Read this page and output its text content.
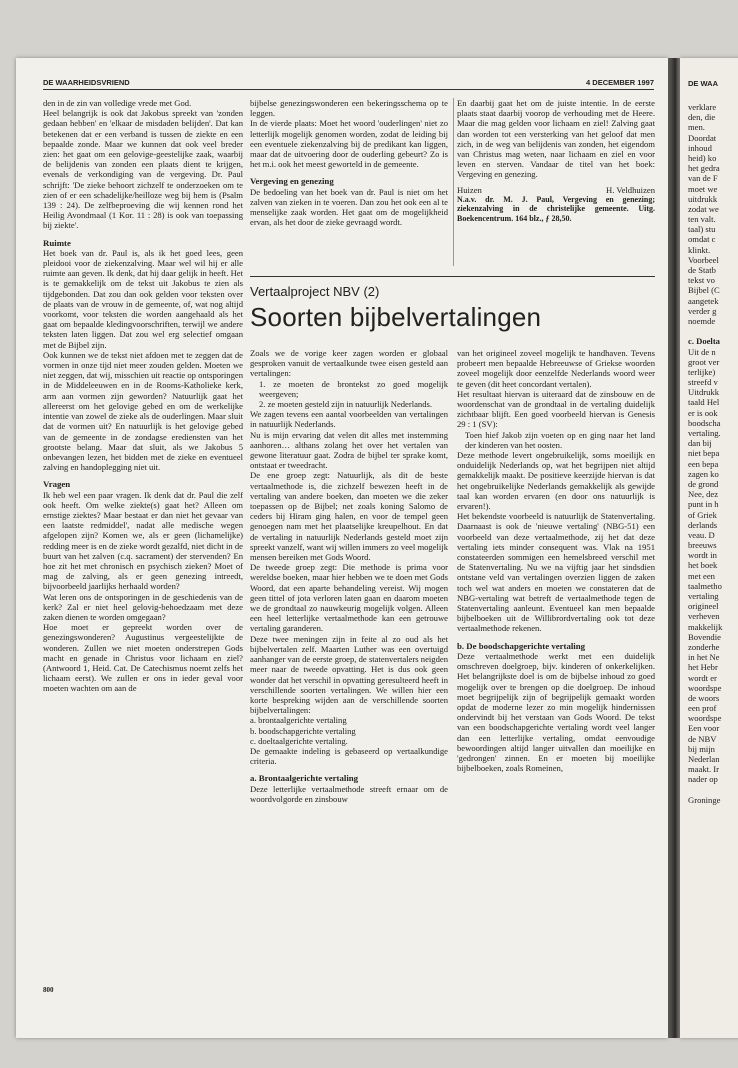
DE WAARHEIDSVRIEND	4 DECEMBER 1997

den in de zin van volledige vrede met God.

Heel belangrijk is ook dat Jakobus spreekt van 'zonden gedaan hebben' en 'elkaar de misdaden belijden'. Dat kan betekenen dat er een verband is tussen de ziekte en een bepaalde zonde. Maar we kunnen dat ook veel breder zien: het gaat om een gelovige-geestelijke zaak, waarbij de belijdenis van zonden een plaats dient te krijgen, evenals de verkondiging van de vergeving. Dr. Paul schrijft: 'De zieke behoort zichzelf te onderzoeken om te zien of er een schadelijke/heilloze weg bij hem is (Psalm 139 : 24). De zelfbeproeving die wij kennen rond het Heilig Avondmaal (1 Kor. 11 : 28) is ook van toepassing bij ziekte'.

Ruimte

Het boek van dr. Paul is, als ik het goed lees, geen pleidooi voor de ziekenzalving. Maar wel wil hij er alle ruimte aan geven. Ik denk, dat hij daar gelijk in heeft. Het is te gemakkelijk om de tekst uit Jakobus te zien als tijdgebonden. Dat zou dan ook gelden voor teksten over de plaats van de vrouw in de gemeente, of, wat nog altijd voorkomt, voor teksten die worden aangehaald als het gaat om bepaalde kledingvoorschriften, terwijl we andere teksten laten liggen. Dat zou wel erg selectief omgaan met de Bijbel zijn.

Ook kunnen we de tekst niet afdoen met te zeggen dat de vormen in onze tijd niet meer zouden gelden. Moeten we niet zeggen, dat wij, misschien uit reactie op ontsporingen in de Middeleeuwen en in de Rooms-Katholieke kerk, arm aan vormen zijn geworden? Natuurlijk gaat het allereerst om het gelovige gebed en om de werkelijke intentie van zowel de zieke als de ouderlingen. Maar sluit dat de vormen uit? En natuurlijk is het gelovige gebed van de gemeente in de zondagse erediensten van het grootste belang. Maar dat sluit, als we Jakobus 5 onbevangen lezen, het bidden met de zieke en eventueel zalving en handoplegging niet uit.

Vragen

Ik heb wel een paar vragen. Ik denk dat dr. Paul die zelf ook heeft. Om welke ziekte(s) gaat het? Alleen om ernstige ziektes? Maar bestaat er dan niet het gevaar van een laatste redmiddel', nadat alle medische wegen afgelopen zijn? Komen we, als er geen (lichamelijke) redding meer is en de zieke wordt gezalfd, niet dicht in de buurt van het zalven (c.q. sacrament) der stervenden? En hoe zit het met chronisch en psychisch zieken? Moet of mag de zalving, als er geen genezing intreedt, bijvoorbeeld jaarlijks herhaald worden?

Wat leren ons de ontsporingen in de geschiedenis van de kerk? Zal er niet heel gelovig-behoedzaam met deze zaken dienen te worden omgegaan?

Hoe moet er gepreekt worden over de genezingswonderen? Augustinus vergeestelijkte de wonderen. Zullen we niet moeten onderstrepen Gods macht en genade in Christus voor lichaam en ziel? (Antwoord 1, Heid. Cat. De Catechismus noemt zelfs het lichaam eerst). We zullen er ons in ieder geval voor moeten wachten om aan de

bijbelse genezingswonderen een bekeringsschema op te leggen.

In de vierde plaats: Moet het woord 'ouderlingen' niet zo letterlijk mogelijk genomen worden, zodat de leiding bij een eventuele ziekenzalving bij de predikant kan liggen, maar dat de uitvoering door de ouderling gebeurt? Zo is het m.i. ook het meest geworteld in de gemeente.

Vergeving en genezing

De bedoeling van het boek van dr. Paul is niet om het zalven van zieken in te voeren. Dan zou het ook een al te menselijke zaak worden. Het gaat om de mogelijkheid ervan, als het door de zieke gevraagd wordt.

En daarbij gaat het om de juiste intentie. In de eerste plaats staat daarbij voorop de verhouding met de Heere. Maar die mag gelden voor lichaam en ziel! Zalving gaat dan worden tot een versterking van het geloof dat men zich, in de weg van belijdenis van zonden, het eigendom van Christus mag weten, naar lichaam en ziel en voor leven en sterven. Vandaar de titel van het boek: Vergeving en genezing.

Huizen	H. Veldhuizen

N.a.v. dr. M. J. Paul, Vergeving en genezing; ziekenzalving in de christelijke gemeente. Uitg. Boekencentrum. 164 blz., ƒ 28,50.

Vertaalproject NBV (2)
Soorten bijbelvertalingen

Zoals we de vorige keer zagen worden er globaal gesproken vanuit de vertaalkunde twee eisen gesteld aan vertalingen:

1. ze moeten de brontekst zo goed mogelijk weergeven;
2. ze moeten gesteld zijn in natuurlijk Nederlands.

We zagen tevens een aantal voorbeelden van vertalingen in natuurlijk Nederlands.

Nu is mijn ervaring dat velen dit alles met instemming aanhoren… althans zolang het over het vertalen van gewone literatuur gaat. Zodra de bijbel ter sprake komt, ontstaat er tweedracht.

De ene groep zegt: Natuurlijk, als dit de beste vertaalmethode is, die zichzelf bewezen heeft in de vertaling van andere boeken, dan moeten we die zeker toepassen op de Bijbel; net zoals koning Salomo de ceders bij Hiram ging halen, en voor de tempel geen genoegen nam met het plaatselijke kreupelhout. En dat de vertaling in natuurlijk Nederlands gesteld moet zijn spreekt vanzelf, want wij willen immers zo veel mogelijk mensen bereiken met Gods Woord.

De tweede groep zegt: Die methode is prima voor wereldse boeken, maar hier hebben we te doen met Gods Woord, dat een aparte behandeling vereist. Wij mogen geen tittel of jota verloren laten gaan en daarom moeten we de grondtaal zo nauwkeurig mogelijk volgen. Alleen een heel letterlijke vertaalmethode kan een getrouwe vertaling garanderen.

Deze twee meningen zijn in feite al zo oud als het bijbelvertalen zelf. Maarten Luther was een overtuigd aanhanger van de eerste groep, de statenvertalers neigden meer naar de tweede opvatting. Het is dus ook geen wonder dat het verschil in opvatting geresulteerd heeft in verschillende soorten vertalingen. We willen hier een korte bespreking wijden aan de verschillende soorten bijbelvertalingen:

a. brontaalgerichte vertaling
b. boodschapgerichte vertaling
c. doeltaalgerichte vertaling.

De gemaakte indeling is gebaseerd op vertaalkundige criteria.

a. Brontaalgerichte vertaling

Deze letterlijke vertaalmethode streeft ernaar om de woordvolgorde en zinsbouw

van het origineel zoveel mogelijk te handhaven. Tevens probeert men bepaalde Hebreeuwse of Griekse woorden zoveel mogelijk door eenzelfde Nederlands woord weer te geven (dit heet concordant vertalen).

Het resultaat hiervan is uiteraard dat de zinsbouw en de woordenschat van de grondtaal in de vertaling duidelijk zichtbaar blijft. Een goed voorbeeld hiervan is Genesis 29 : 1 (SV):

Toen hief Jakob zijn voeten op en ging naar het land der kinderen van het oosten.

Deze methode levert ongebruikelijk, soms moeilijk en onduidelijk Nederlands op, wat het begrijpen niet altijd gemakkelijk maakt. De positieve keerzijde hiervan is dat het ongebruikelijke Nederlands gemakkelijk als gewijde taal kan worden ervaren (en door ons natuurlijk is ervaren!).

Het bekendste voorbeeld is natuurlijk de Statenvertaling. Daarnaast is ook de 'nieuwe vertaling' (NBG-51) een voorbeeld van deze vertaalmethode, zij het dat deze vertaling iets minder consequent was. Vlak na 1951 constateerden sommigen een hemelsbreed verschil met de Statenvertaling. Nu we na vijftig jaar het sindsdien ontstane veld van vertalingen overzien liggen de zaken toch wel wat anders en moeten we constateren dat de NBG-vertaling wat betreft de vertaalmethode tegen de Statenvertaling aanleunt. Eventueel kan men bepaalde bijbelboeken uit de Willibrordvertaling ook tot deze vertaalmethode rekenen.

b. De boodschapgerichte vertaling

Deze vertaalmethode werkt met een duidelijk omschreven doelgroep, bijv. kinderen of onkerkelijken. Het belangrijkste doel is om de bijbelse inhoud zo goed mogelijk over te brengen op die doelgroep. De inhoud moet begrijpelijk zijn of begrijpelijk gemaakt worden opdat de moderne lezer zo min mogelijk hindernissen ondervindt bij het verstaan van Gods Woord. De tekst van een boodschapgerichte vertaling wordt veel langer dan een letterlijke vertaling, omdat eenvoudige bewoordingen altijd langer uitvallen dan moeilijke en 'gedrongen' zinnen. En er moeten bij moeilijke bijbelboeken, zoals Romeinen,

800
DE WAA
verklare
den, die
men.
Doordat
inhoud
heid) ko
het gedra
van de F
moet we
uitdrukk
zodat we
ten valt.
taal) stu
omdat c
klinkt.
Voorbeel
de Statb
tekst vo
Bijbel (C
aangetek
verder g
noemde
c. Doelta
Uit de n
groot ver
terlijke)
streefd v
Uitdrukk
taald Hel
er is ook
boodscha
vertaling.
dan bij
niet bepa
een bepa
zagen ko
de grond
Nee, dez
punt in h
of Griek
derlands
veau. D
breeuws
wordt in
het boek
met een
taalmetho
vertaling
origineel
verheven
makkelijk
Bovendie
zonderhe
in het Ne
het Hebr
wordt er
woordspe
de woors
een prof
woordspe
Een voor
de NBV
bij mijn
Nederlan
maakt. Ir
nader op
Groninge
